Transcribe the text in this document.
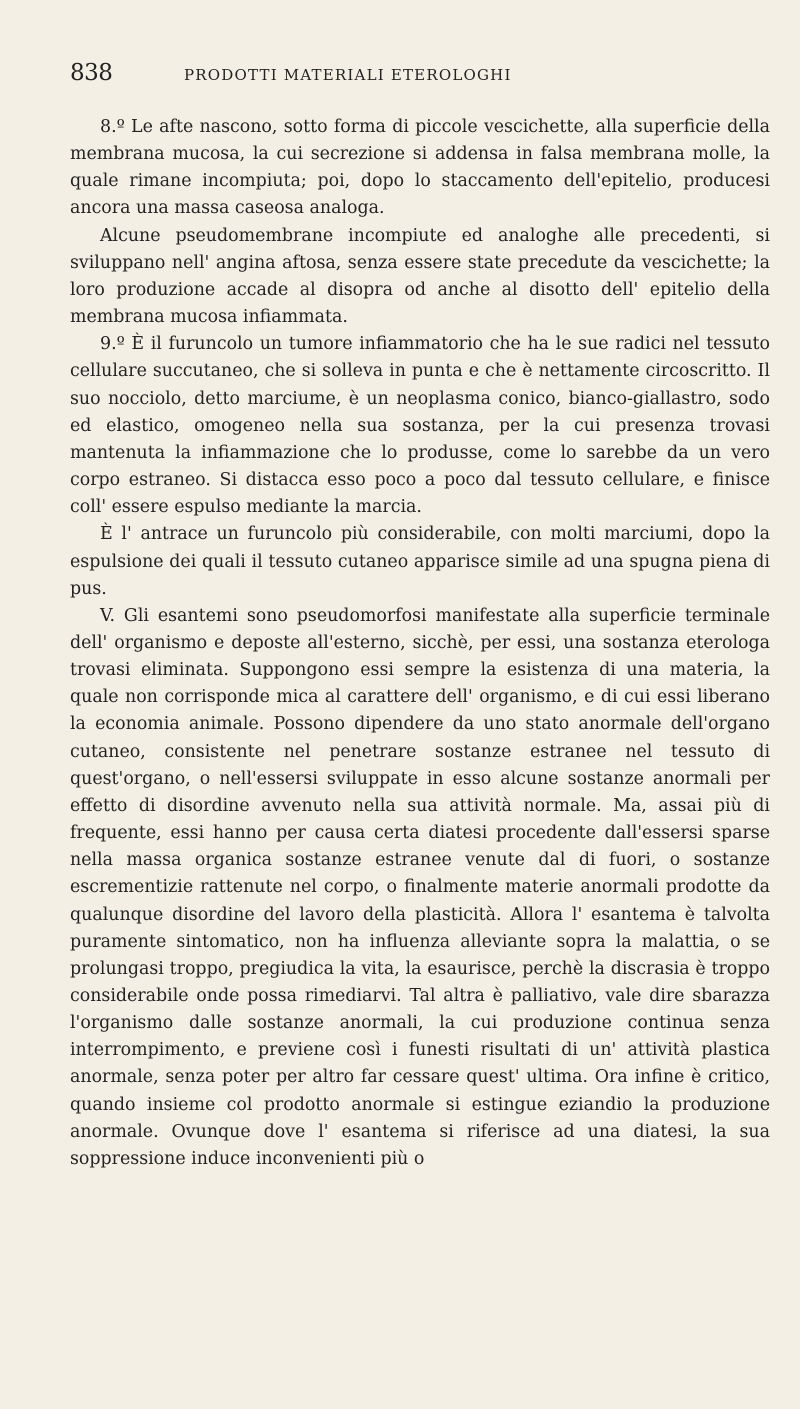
838	PRODOTTI MATERIALI ETEROLOGHI

8.º Le afte nascono, sotto forma di piccole vescichette, alla superficie della membrana mucosa, la cui secrezione si addensa in falsa membrana molle, la quale rimane incompiuta; poi, dopo lo staccamento dell'epitelio, producesi ancora una massa caseosa analoga.

Alcune pseudomembrane incompiute ed analoghe alle precedenti, si sviluppano nell' angina aftosa, senza essere state precedute da vescichette; la loro produzione accade al disopra od anche al disotto dell' epitelio della membrana mucosa infiammata.

9.º È il furuncolo un tumore infiammatorio che ha le sue radici nel tessuto cellulare succutaneo, che si solleva in punta e che è nettamente circoscritto. Il suo nocciolo, detto marciume, è un neoplasma conico, bianco-giallastro, sodo ed elastico, omogeneo nella sua sostanza, per la cui presenza trovasi mantenuta la infiammazione che lo produsse, come lo sarebbe da un vero corpo estraneo. Si distacca esso poco a poco dal tessuto cellulare, e finisce coll' essere espulso mediante la marcia.

È l' antrace un furuncolo più considerabile, con molti marciumi, dopo la espulsione dei quali il tessuto cutaneo apparisce simile ad una spugna piena di pus.

V. Gli esantemi sono pseudomorfosi manifestate alla superficie terminale dell' organismo e deposte all'esterno, sicchè, per essi, una sostanza eterologa trovasi eliminata. Suppongono essi sempre la esistenza di una materia, la quale non corrisponde mica al carattere dell' organismo, e di cui essi liberano la economia animale. Possono dipendere da uno stato anormale dell'organo cutaneo, consistente nel penetrare sostanze estranee nel tessuto di quest'organo, o nell'essersi sviluppate in esso alcune sostanze anormali per effetto di disordine avvenuto nella sua attività normale. Ma, assai più di frequente, essi hanno per causa certa diatesi procedente dall'essersi sparse nella massa organica sostanze estranee venute dal di fuori, o sostanze escrementizie rattenute nel corpo, o finalmente materie anormali prodotte da qualunque disordine del lavoro della plasticità. Allora l' esantema è talvolta puramente sintomatico, non ha influenza alleviante sopra la malattia, o se prolungasi troppo, pregiudica la vita, la esaurisce, perchè la discrasia è troppo considerabile onde possa rimediarvi. Tal altra è palliativo, vale dire sbarazza l'organismo dalle sostanze anormali, la cui produzione continua senza interrompimento, e previene così i funesti risultati di un' attività plastica anormale, senza poter per altro far cessare quest' ultima. Ora infine è critico, quando insieme col prodotto anormale si estingue eziandio la produzione anormale. Ovunque dove l' esantema si riferisce ad una diatesi, la sua soppressione induce inconvenienti più o
